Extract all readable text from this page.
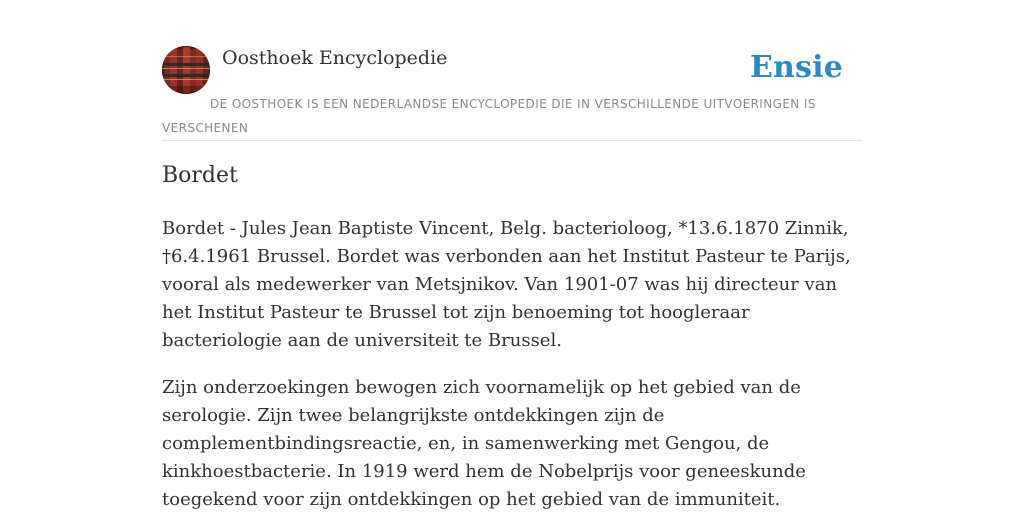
Oosthoek Encyclopedie	Ensie
DE OOSTHOEK IS EEN NEDERLANDSE ENCYCLOPEDIE DIE IN VERSCHILLENDE UITVOERINGEN IS VERSCHENEN
Bordet

Bordet - Jules Jean Baptiste Vincent, Belg. bacterioloog, *13.6.1870 Zinnik, †6.4.1961 Brussel. Bordet was verbonden aan het Institut Pasteur te Parijs, vooral als medewerker van Metsjnikov. Van 1901-07 was hij directeur van het Institut Pasteur te Brussel tot zijn benoeming tot hoogleraar bacteriologie aan de universiteit te Brussel.

Zijn onderzoekingen bewogen zich voornamelijk op het gebied van de serologie. Zijn twee belangrijkste ontdekkingen zijn de complementbindingsreactie, en, in samenwerking met Gengou, de kinkhoestbacterie. In 1919 werd hem de Nobelprijs voor geneeskunde toegekend voor zijn ontdekkingen op het gebied van de immuniteit.
